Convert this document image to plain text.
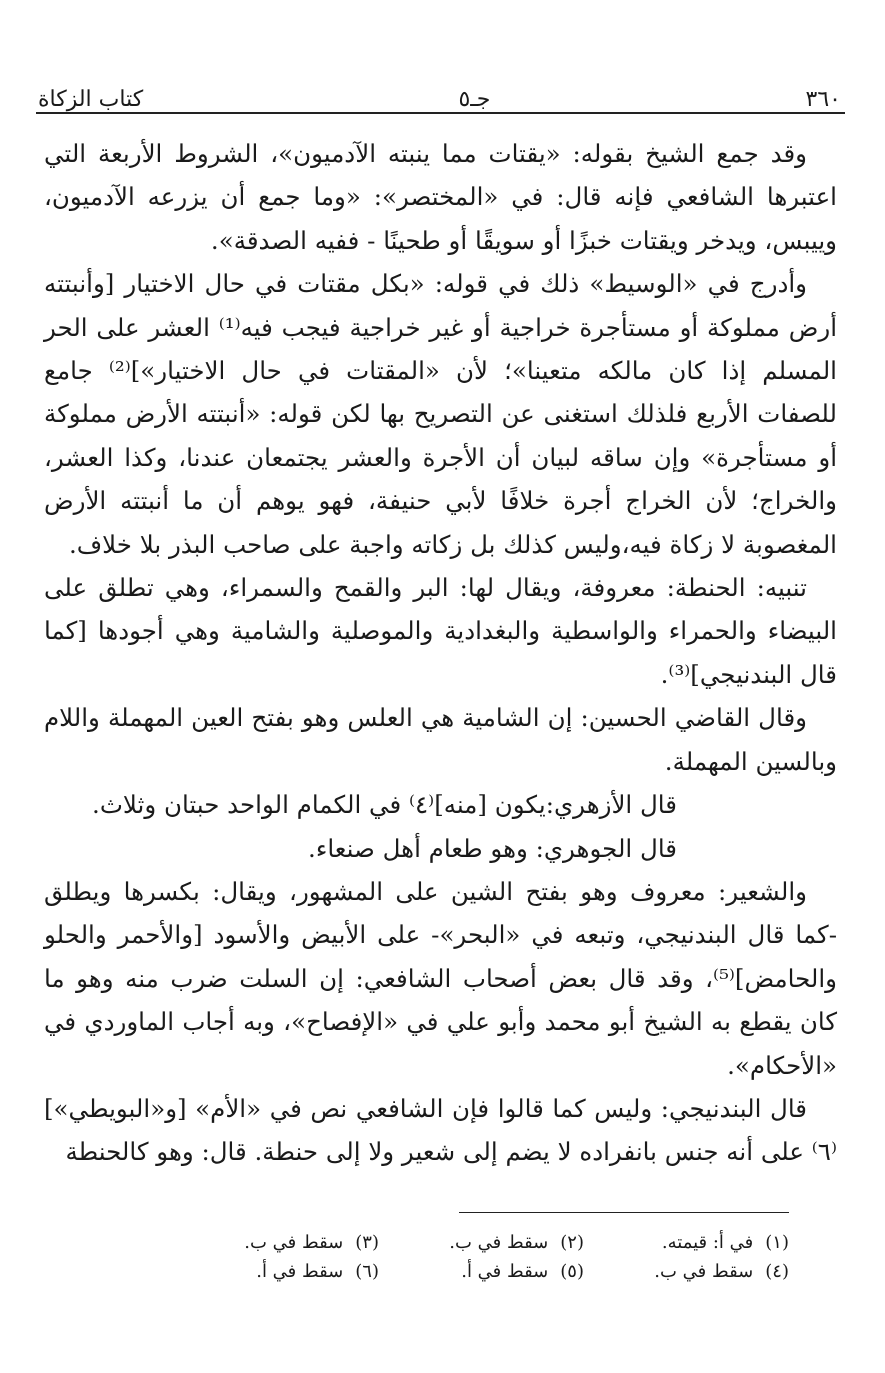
٣٦٠
جـ٥
كتاب الزكاة

وقد جمع الشيخ بقوله: «يقتات مما ينبته الآدميون»، الشروط الأربعة التي اعتبرها الشافعي فإنه قال: في «المختصر»: «وما جمع أن يزرعه الآدميون، وييبس، ويدخر ويقتات خبزًا أو سويقًا أو طحينًا - ففيه الصدقة».

وأدرج في «الوسيط» ذلك في قوله: «بكل مقتات في حال الاختيار [وأنبتته أرض مملوكة أو مستأجرة خراجية أو غير خراجية فيجب فيه⁽¹⁾ العشر على الحر المسلم إذا كان مالكه متعينا»؛ لأن «المقتات في حال الاختيار»]⁽²⁾ جامع للصفات الأربع فلذلك استغنى عن التصريح بها لكن قوله: «أنبتته الأرض مملوكة أو مستأجرة» وإن ساقه لبيان أن الأجرة والعشر يجتمعان عندنا، وكذا العشر، والخراج؛ لأن الخراج أجرة خلافًا لأبي حنيفة، فهو يوهم أن ما أنبتته الأرض المغصوبة لا زكاة فيه،وليس كذلك بل زكاته واجبة على صاحب البذر بلا خلاف.

تنبيه: الحنطة: معروفة، ويقال لها: البر والقمح والسمراء، وهي تطلق على البيضاء والحمراء والواسطية والبغدادية والموصلية والشامية وهي أجودها [كما قال البندنيجي]⁽³⁾.

وقال القاضي الحسين: إن الشامية هي العلس وهو بفتح العين المهملة واللام وبالسين المهملة.

قال الأزهري:يكون [منه]⁽٤⁾ في الكمام الواحد حبتان وثلاث.

قال الجوهري: وهو طعام أهل صنعاء.

والشعير: معروف وهو بفتح الشين على المشهور، ويقال: بكسرها ويطلق -كما قال البندنيجي، وتبعه في «البحر»- على الأبيض والأسود [والأحمر والحلو والحامض]⁽⁵⁾، وقد قال بعض أصحاب الشافعي: إن السلت ضرب منه وهو ما كان يقطع به الشيخ أبو محمد وأبو علي في «الإفصاح»، وبه أجاب الماوردي في «الأحكام».

قال البندنيجي: وليس كما قالوا فإن الشافعي نص في «الأم» [و«البويطي»]⁽٦⁾ على أنه جنس بانفراده لا يضم إلى شعير ولا إلى حنطة. قال: وهو كالحنطة

(١)في أ: قيمته.
(٢)سقط في ب.
(٣)سقط في ب.
(٤)سقط في ب.
(٥)سقط في أ.
(٦)سقط في أ.
